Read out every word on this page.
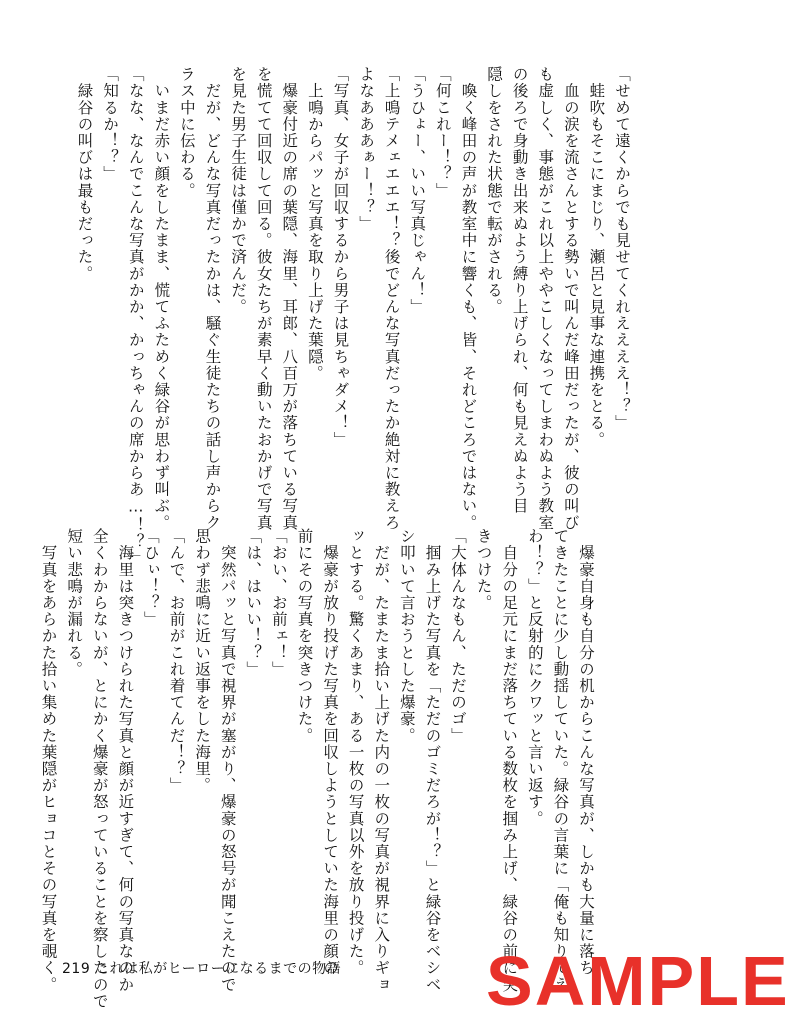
「せめて遠くからでも見せてくれええええ！？」
　蛙吹もそこにまじり、瀬呂と見事な連携をとる。
　血の涙を流さんとする勢いで叫んだ峰田だったが、彼の叫び
も虚しく、事態がこれ以上ややこしくなってしまわぬよう教室
の後ろで身動き出来ぬよう縛り上げられ、何も見えぬよう目
隠しをされた状態で転がされる。
　喚く峰田の声が教室中に響くも、皆、それどころではない。
「何これー！？」
「うひょー、いい写真じゃん！」
「上鳴テメェエエエ！？後でどんな写真だったか絶対に教えろ
よなあああぁー！？」
「写真、女子が回収するから男子は見ちゃダメ！」
　上鳴からパッと写真を取り上げた葉隠。
　爆豪付近の席の葉隠、海里、耳郎、八百万が落ちている写真
を慌てて回収して回る。彼女たちが素早く動いたおかげで写真
を見た男子生徒は僅かで済んだ。
　だが、どんな写真だったかは、騒ぐ生徒たちの話し声からク
ラス中に伝わる。
　いまだ赤い顔をしたまま、慌てふためく緑谷が思わず叫ぶ。
「なな、なんでこんな写真がかか、かっちゃんの席からあ…！？」
「知るか！？」
　緑谷の叫びは最もだった。
　爆豪自身も自分の机からこんな写真が、しかも大量に落ち
てきたことに少し動揺していた。緑谷の言葉に「俺も知りてえ
わ！？」と反射的にクワッと言い返す。
　自分の足元にまだ落ちている数枚を掴み上げ、緑谷の前に突
きつけた。
「大体んなもん、ただのゴ」
　掴み上げた写真を「ただのゴミだろが！？」と緑谷をベシベ
シ叩いて言おうとした爆豪。
　だが、たまたま拾い上げた内の一枚の写真が視界に入りギョ
ッとする。驚くあまり、ある一枚の写真以外を放り投げた。
　爆豪が放り投げた写真を回収しようとしていた海里の顔の
前にその写真を突きつけた。
「おい、お前ェ！」
「は、はいい！？」
　突然パッと写真で視界が塞がり、爆豪の怒号が聞こえたので
思わず悲鳴に近い返事をした海里。
「んで、お前がこれ着てんだ！？」
「ひぃ！？」
　海里は突きつけられた写真と顔が近すぎて、何の写真なのか
全くわからないが、とにかく爆豪が怒っていることを察したので
短い悲鳴が漏れる。
　写真をあらかた拾い集めた葉隠がヒョコとその写真を覗く。 219 これは私がヒーローになるまでの物語 SAMPLE
